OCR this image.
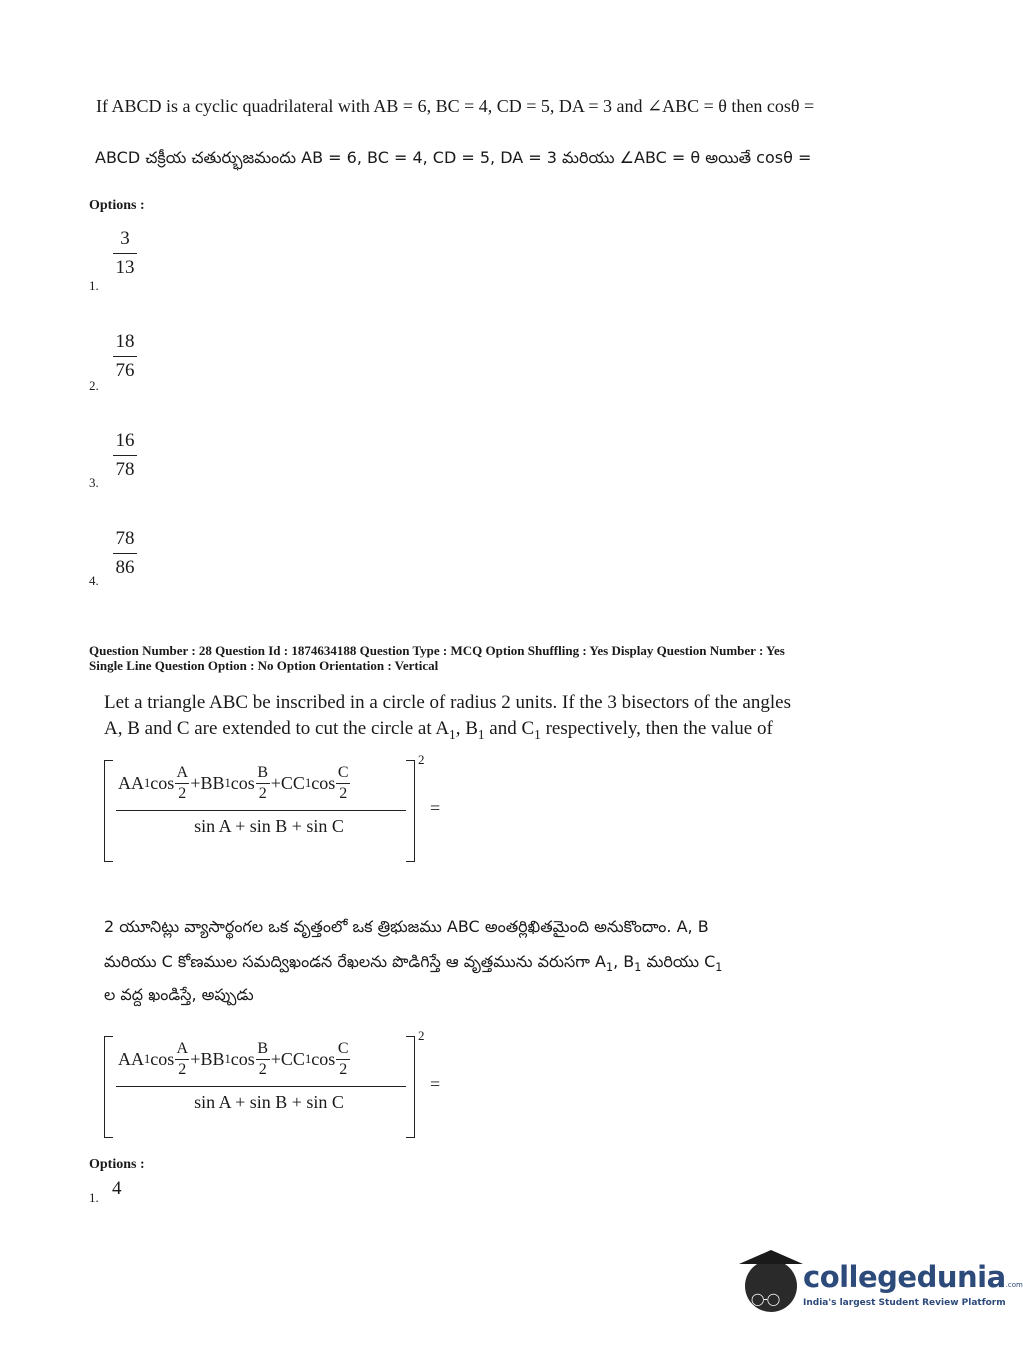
If ABCD is a cyclic quadrilateral with AB = 6, BC = 4, CD = 5, DA = 3 and ∠ABC = θ then cosθ =
ABCD చక్రీయ చతుర్భుజమందు AB = 6, BC = 4, CD = 5, DA = 3 మరియు ∠ABC = θ అయితే cosθ =
Options :
1.
3
13
2.
18
76
3.
16
78
4.
78
86
Question Number : 28 Question Id : 1874634188 Question Type : MCQ Option Shuffling : Yes Display Question Number : Yes
Single Line Question Option : No Option Orientation : Vertical
Let a triangle ABC be inscribed in a circle of radius 2 units. If the 3 bisectors of the angles
A, B and C are extended to cut the circle at $A_1$, $B_1$ and $C_1$ respectively, then the value of
AA 1 cos
A
2
+BB 1 cos
B
2
+CC 1 cos
C
2
sin A + sin B + sin C
2
=
2 యూనిట్లు వ్యాసార్థంగల ఒక వృత్తంలో ఒక త్రిభుజము ABC అంతర్లిఖితమైంది అనుకొందాం. A, B
మరియు C కోణముల సమద్విఖండన రేఖలను పొడిగిస్తే ఆ వృత్తమును వరుసగా $A_1$, $B_1$ మరియు $C_1$
ల వద్ద ఖండిస్తే, అప్పుడు
AA 1 cos
A
2
+BB 1 cos
B
2
+CC 1 cos
C
2
sin A + sin B + sin C
2
=
Options :
1. 4
◯-◯
collegedunia.com
India's largest Student Review Platform
